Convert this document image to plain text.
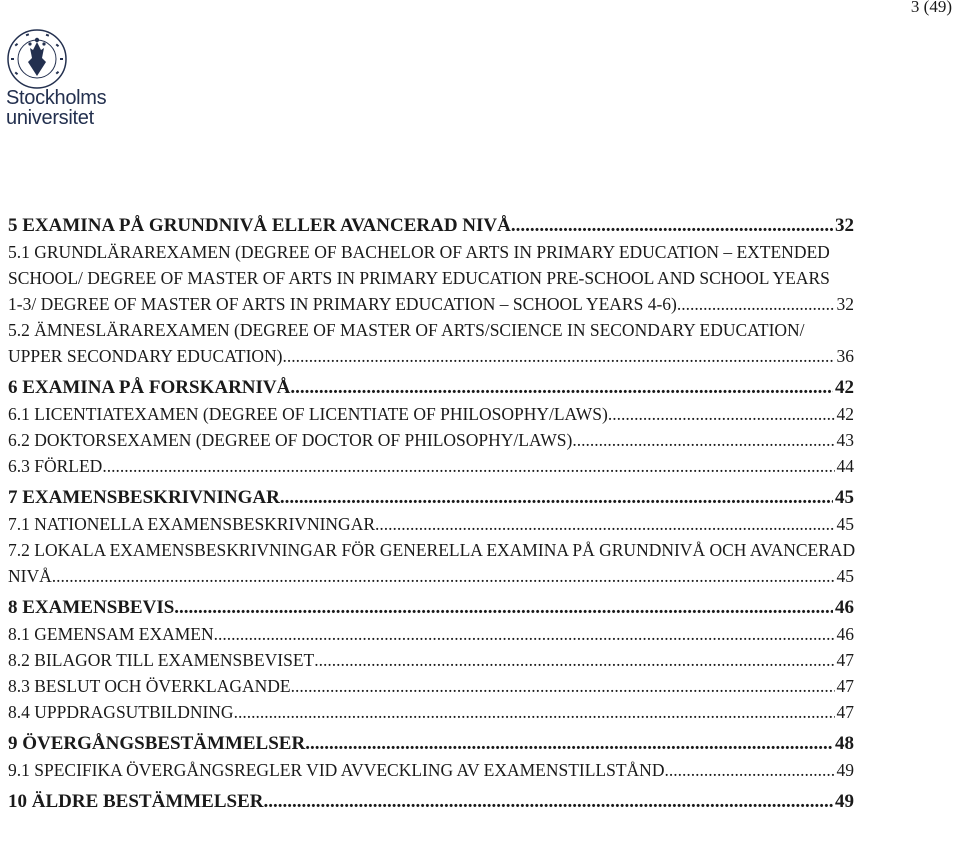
3 (49)
Stockholms
universitet
5 EXAMINA PÅ GRUNDNIVÅ ELLER AVANCERAD NIVÅ .....	32
5.1 GRUNDLÄRAREXAMEN (DEGREE OF BACHELOR OF ARTS IN PRIMARY EDUCATION – EXTENDED
SCHOOL/ DEGREE OF MASTER OF ARTS IN PRIMARY EDUCATION PRE-SCHOOL AND SCHOOL YEARS
1-3/ DEGREE OF MASTER OF ARTS IN PRIMARY EDUCATION – SCHOOL YEARS 4-6) .....	32
5.2 ÄMNESLÄRAREXAMEN (DEGREE OF MASTER OF ARTS/SCIENCE IN SECONDARY EDUCATION/
UPPER SECONDARY EDUCATION) .....	36
6 EXAMINA PÅ FORSKARNIVÅ .....	42
6.1 LICENTIATEXAMEN (DEGREE OF LICENTIATE OF PHILOSOPHY/LAWS) .....	42
6.2 DOKTORSEXAMEN (DEGREE OF DOCTOR OF PHILOSOPHY/LAWS) .....	43
6.3 FÖRLED .....	44
7 EXAMENSBESKRIVNINGAR .....	45
7.1 NATIONELLA EXAMENSBESKRIVNINGAR .....	45
7.2 LOKALA EXAMENSBESKRIVNINGAR FÖR GENERELLA EXAMINA PÅ GRUNDNIVÅ OCH AVANCERAD
NIVÅ .....	45
8 EXAMENSBEVIS .....	46
8.1 GEMENSAM EXAMEN .....	46
8.2 BILAGOR TILL EXAMENSBEVISET .....	47
8.3 BESLUT OCH ÖVERKLAGANDE .....	47
8.4 UPPDRAGSUTBILDNING .....	47
9 ÖVERGÅNGSBESTÄMMELSER .....	48
9.1 SPECIFIKA ÖVERGÅNGSREGLER VID AVVECKLING AV EXAMENSTILLSTÅND .....	49
10 ÄLDRE BESTÄMMELSER .....	49
